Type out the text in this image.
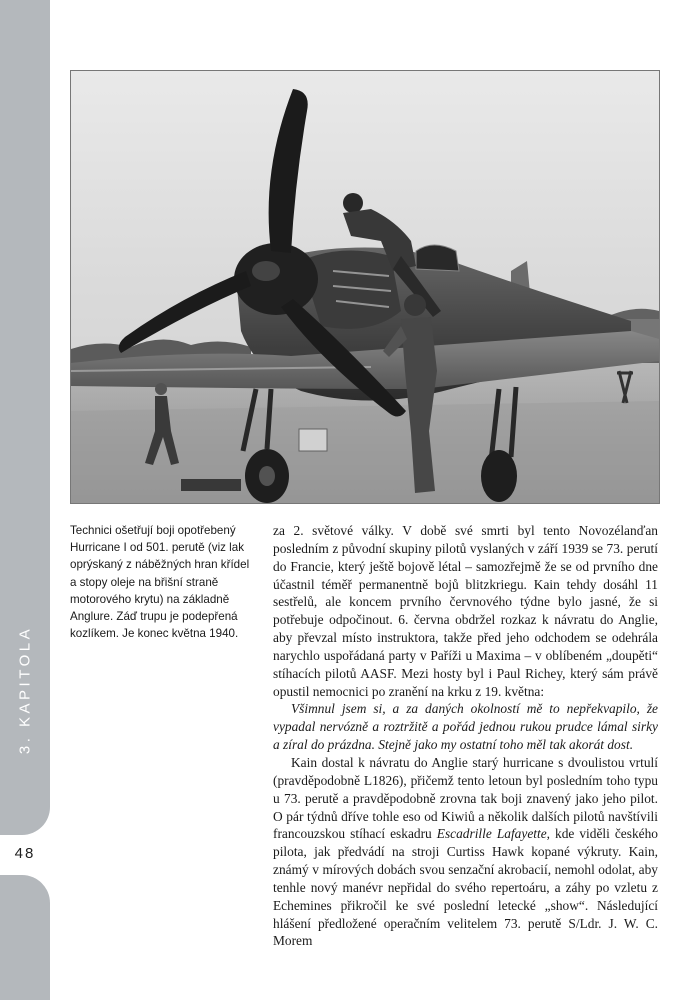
3. KAPITOLA
48
Technici ošetřují boji opotřebený Hurricane I od 501. perutě (viz lak oprýskaný z náběžných hran křídel a stopy oleje na břišní straně motorového krytu) na základně Anglure. Záď trupu je podepřená kozlíkem. Je konec května 1940.

za 2. světové války. V době své smrti byl tento Novozélanďan posledním z původní skupiny pilotů vyslaných v září 1939 se 73. perutí do Francie, který ještě bojově létal – samozřejmě že se od prvního dne účastnil téměř permanentně bojů blitzkriegu. Kain tehdy dosáhl 11 sestřelů, ale koncem prvního červnového týdne bylo jasné, že si potřebuje odpočinout. 6. června obdržel rozkaz k návratu do Anglie, aby převzal místo instruktora, takže před jeho odchodem se odehrála narychlo uspořádaná party v Paříži u Maxima – v oblíbeném „doupěti“ stíhacích pilotů AASF. Mezi hosty byl i Paul Richey, který sám právě opustil nemocnici po zranění na krku z 19. května:

Všimnul jsem si, a za daných okolností mě to nepřekvapilo, že vypadal nervózně a roztržitě a pořád jednou rukou prudce lámal sirky a zíral do prázdna. Stejně jako my ostatní toho měl tak akorát dost.

Kain dostal k návratu do Anglie starý hurricane s dvoulistou vrtulí (pravděpodobně L1826), přičemž tento letoun byl posledním toho typu u 73. perutě a pravděpodobně zrovna tak boji znavený jako jeho pilot. O pár týdnů dříve tohle eso od Kiwiů a několik dalších pilotů navštívili francouzskou stíhací eskadru Escadrille Lafayette, kde viděli českého pilota, jak předvádí na stroji Curtiss Hawk kopané výkruty. Kain, známý v mírových dobách svou senzační akrobacií, nemohl odolat, aby tenhle nový manévr nepřidal do svého repertoáru, a záhy po vzletu z Echemines přikročil ke své poslední letecké „show“. Následující hlášení předložené operačním velitelem 73. perutě S/Ldr. J. W. C. Morem
